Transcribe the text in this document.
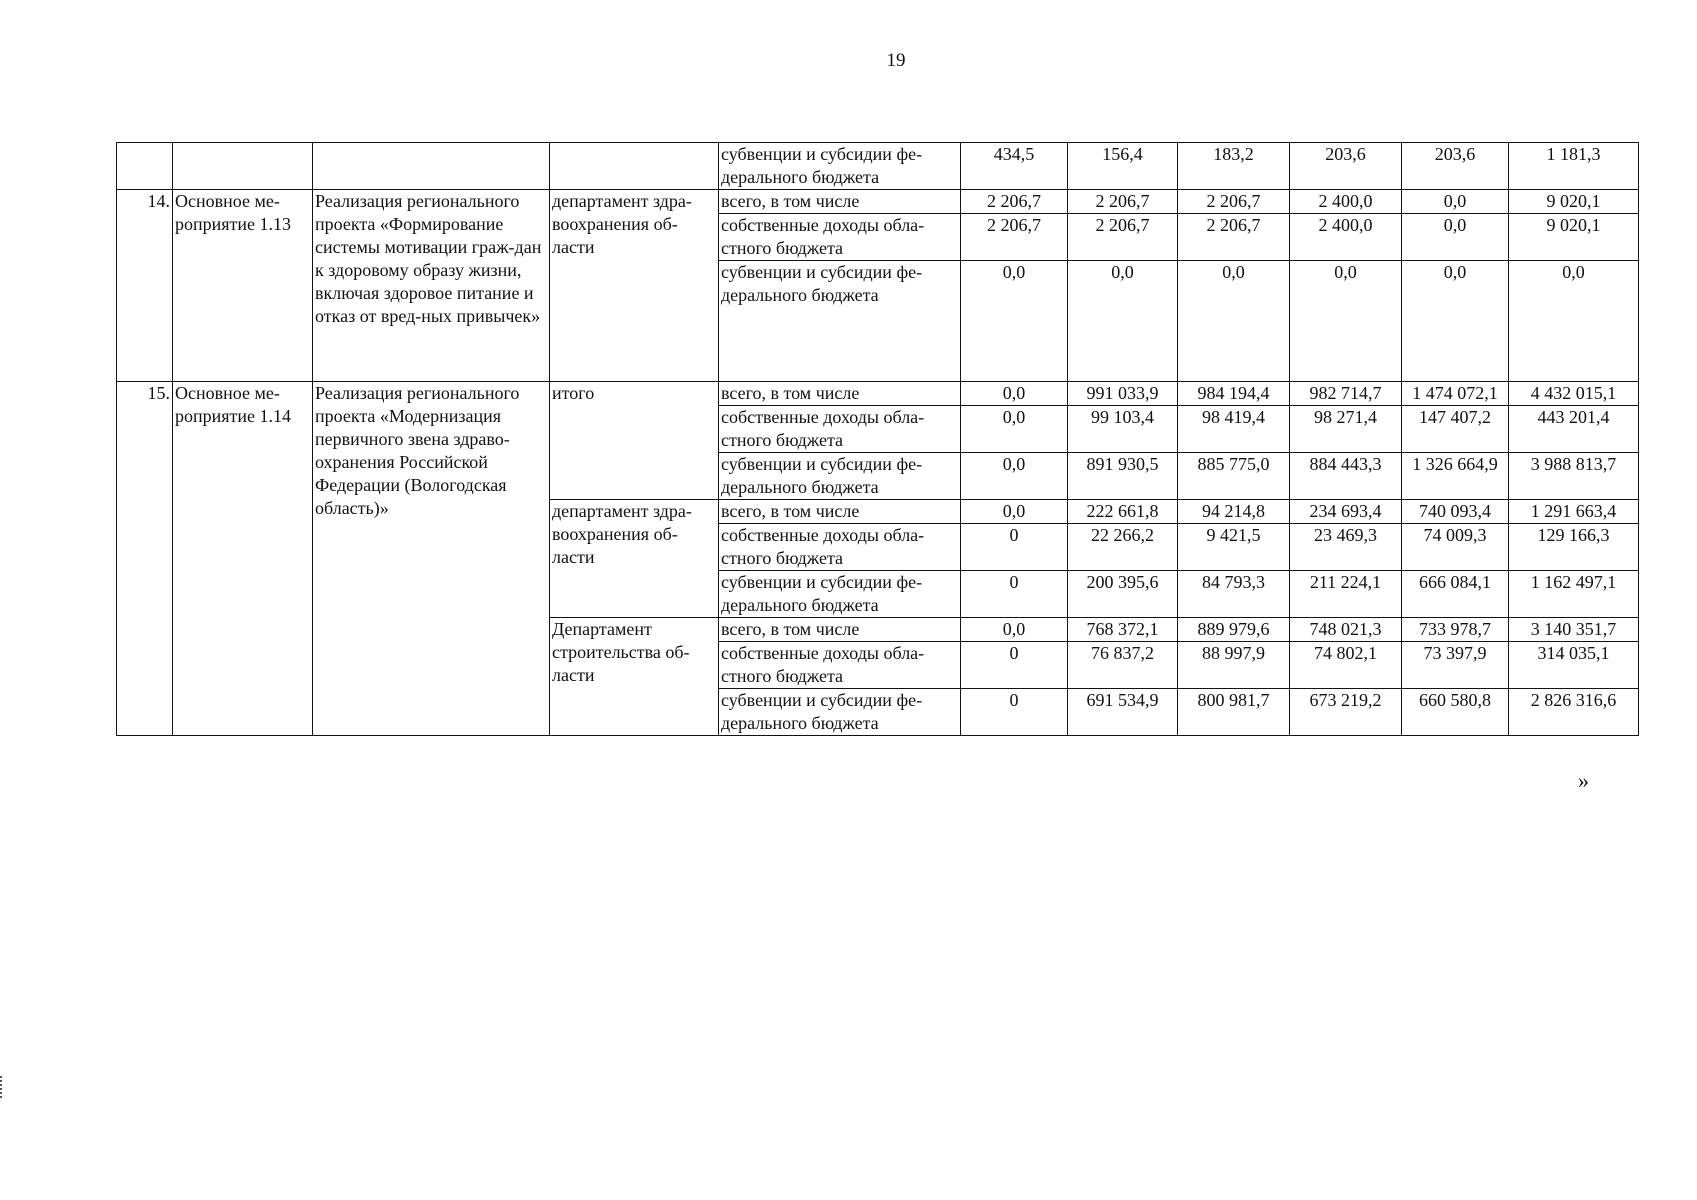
19
				субвенции и субсидии фе-деральногo бюджета	434,5	156,4	183,2	203,6	203,6	1 181,3
14.	Основное ме-роприятие 1.13	Реализация регионального проекта «Формирование системы мотивации граж-дан к здоровому образу жизни, включая здоровое питание и отказ от вред-ных привычек»	департамент здра-воохранения об-ласти	всего, в том числе	2 206,7	2 206,7	2 206,7	2 400,0	0,0	9 020,1
				собственные доходы обла-стного бюджета	2 206,7	2 206,7	2 206,7	2 400,0	0,0	9 020,1
				субвенции и субсидии фе-дерального бюджета	0,0	0,0	0,0	0,0	0,0	0,0
15.	Основное ме-роприятие 1.14	Реализация регионального проекта «Модернизация первичного звена здраво-охранения Российской Федерации (Вологодская область)»	итого	всего, в том числе	0,0	991 033,9	984 194,4	982 714,7	1 474 072,1	4 432 015,1
				собственные доходы обла-стного бюджета	0,0	99 103,4	98 419,4	98 271,4	147 407,2	443 201,4
				субвенции и субсидии фе-дерального бюджета	0,0	891 930,5	885 775,0	884 443,3	1 326 664,9	3 988 813,7
			департамент здра-воохранения об-ласти	всего, в том числе	0,0	222 661,8	94 214,8	234 693,4	740 093,4	1 291 663,4
				собственные доходы обла-стного бюджета	0	22 266,2	9 421,5	23 469,3	74 009,3	129 166,3
				субвенции и субсидии фе-дерального бюджета	0	200 395,6	84 793,3	211 224,1	666 084,1	1 162 497,1
			Департамент строительства об-ласти	всего, в том числе	0,0	768 372,1	889 979,6	748 021,3	733 978,7	3 140 351,7
				собственные доходы обла-стного бюджета	0	76 837,2	88 997,9	74 802,1	73 397,9	314 035,1
				субвенции и субсидии фе-дерального бюджета	0	691 534,9	800 981,7	673 219,2	660 580,8	2 826 316,6
»
